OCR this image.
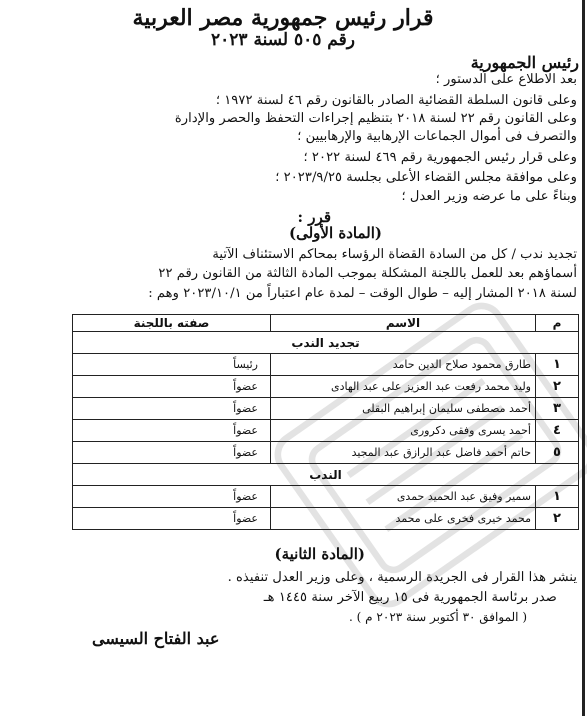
قرار رئيس جمهورية مصر العربية
رقم ٥٠٥ لسنة ٢٠٢٣
رئيس الجمهورية
بعد الاطلاع على الدستور ؛
وعلى قانون السلطة القضائية الصادر بالقانون رقم ٤٦ لسنة ١٩٧٢ ؛
وعلى القانون رقم ٢٢ لسنة ٢٠١٨ بتنظيم إجراءات التحفظ والحصر والإدارة
والتصرف فى أموال الجماعات الإرهابية والإرهابيين ؛
وعلى قرار رئيس الجمهورية رقم ٤٦٩ لسنة ٢٠٢٢ ؛
وعلى موافقة مجلس القضاء الأعلى بجلسة ٢٠٢٣/٩/٢٥ ؛
وبناءً على ما عرضه وزير العدل ؛
قرر :
(المادة الأولى)
تجديد ندب / كل من السادة القضاة الرؤساء بمحاكم الاستئناف الآتية
أسماؤهم بعد للعمل باللجنة المشكلة بموجب المادة الثالثة من القانون رقم ٢٢
لسنة ٢٠١٨ المشار إليه – طوال الوقت – لمدة عام اعتباراً من ٢٠٢٣/١٠/١ وهم :
م	الاسم	صفته باللجنة
تجديد الندب		
١	طارق محمود صلاح الدين حامد	رئيساً
٢	وليد محمد رفعت عبد العزيز على عبد الهادى	عضواً
٣	أحمد مصطفى سليمان إبراهيم البقلى	عضواً
٤	أحمد يسرى وفقى دكرورى	عضواً
٥	حاتم أحمد فاضل عبد الرازق عبد المجيد	عضواً
الندب		
١	سمير وفيق عبد الحميد حمدى	عضواً
٢	محمد خيرى فخرى على محمد	عضواً
(المادة الثانية)
ينشر هذا القرار فى الجريدة الرسمية ، وعلى وزير العدل تنفيذه .
صدر برئاسة الجمهورية فى ١٥ ربيع الآخر سنة ١٤٤٥ هـ
( الموافق ٣٠ أكتوبر سنة ٢٠٢٣ م ) .
عبد الفتاح السيسى
